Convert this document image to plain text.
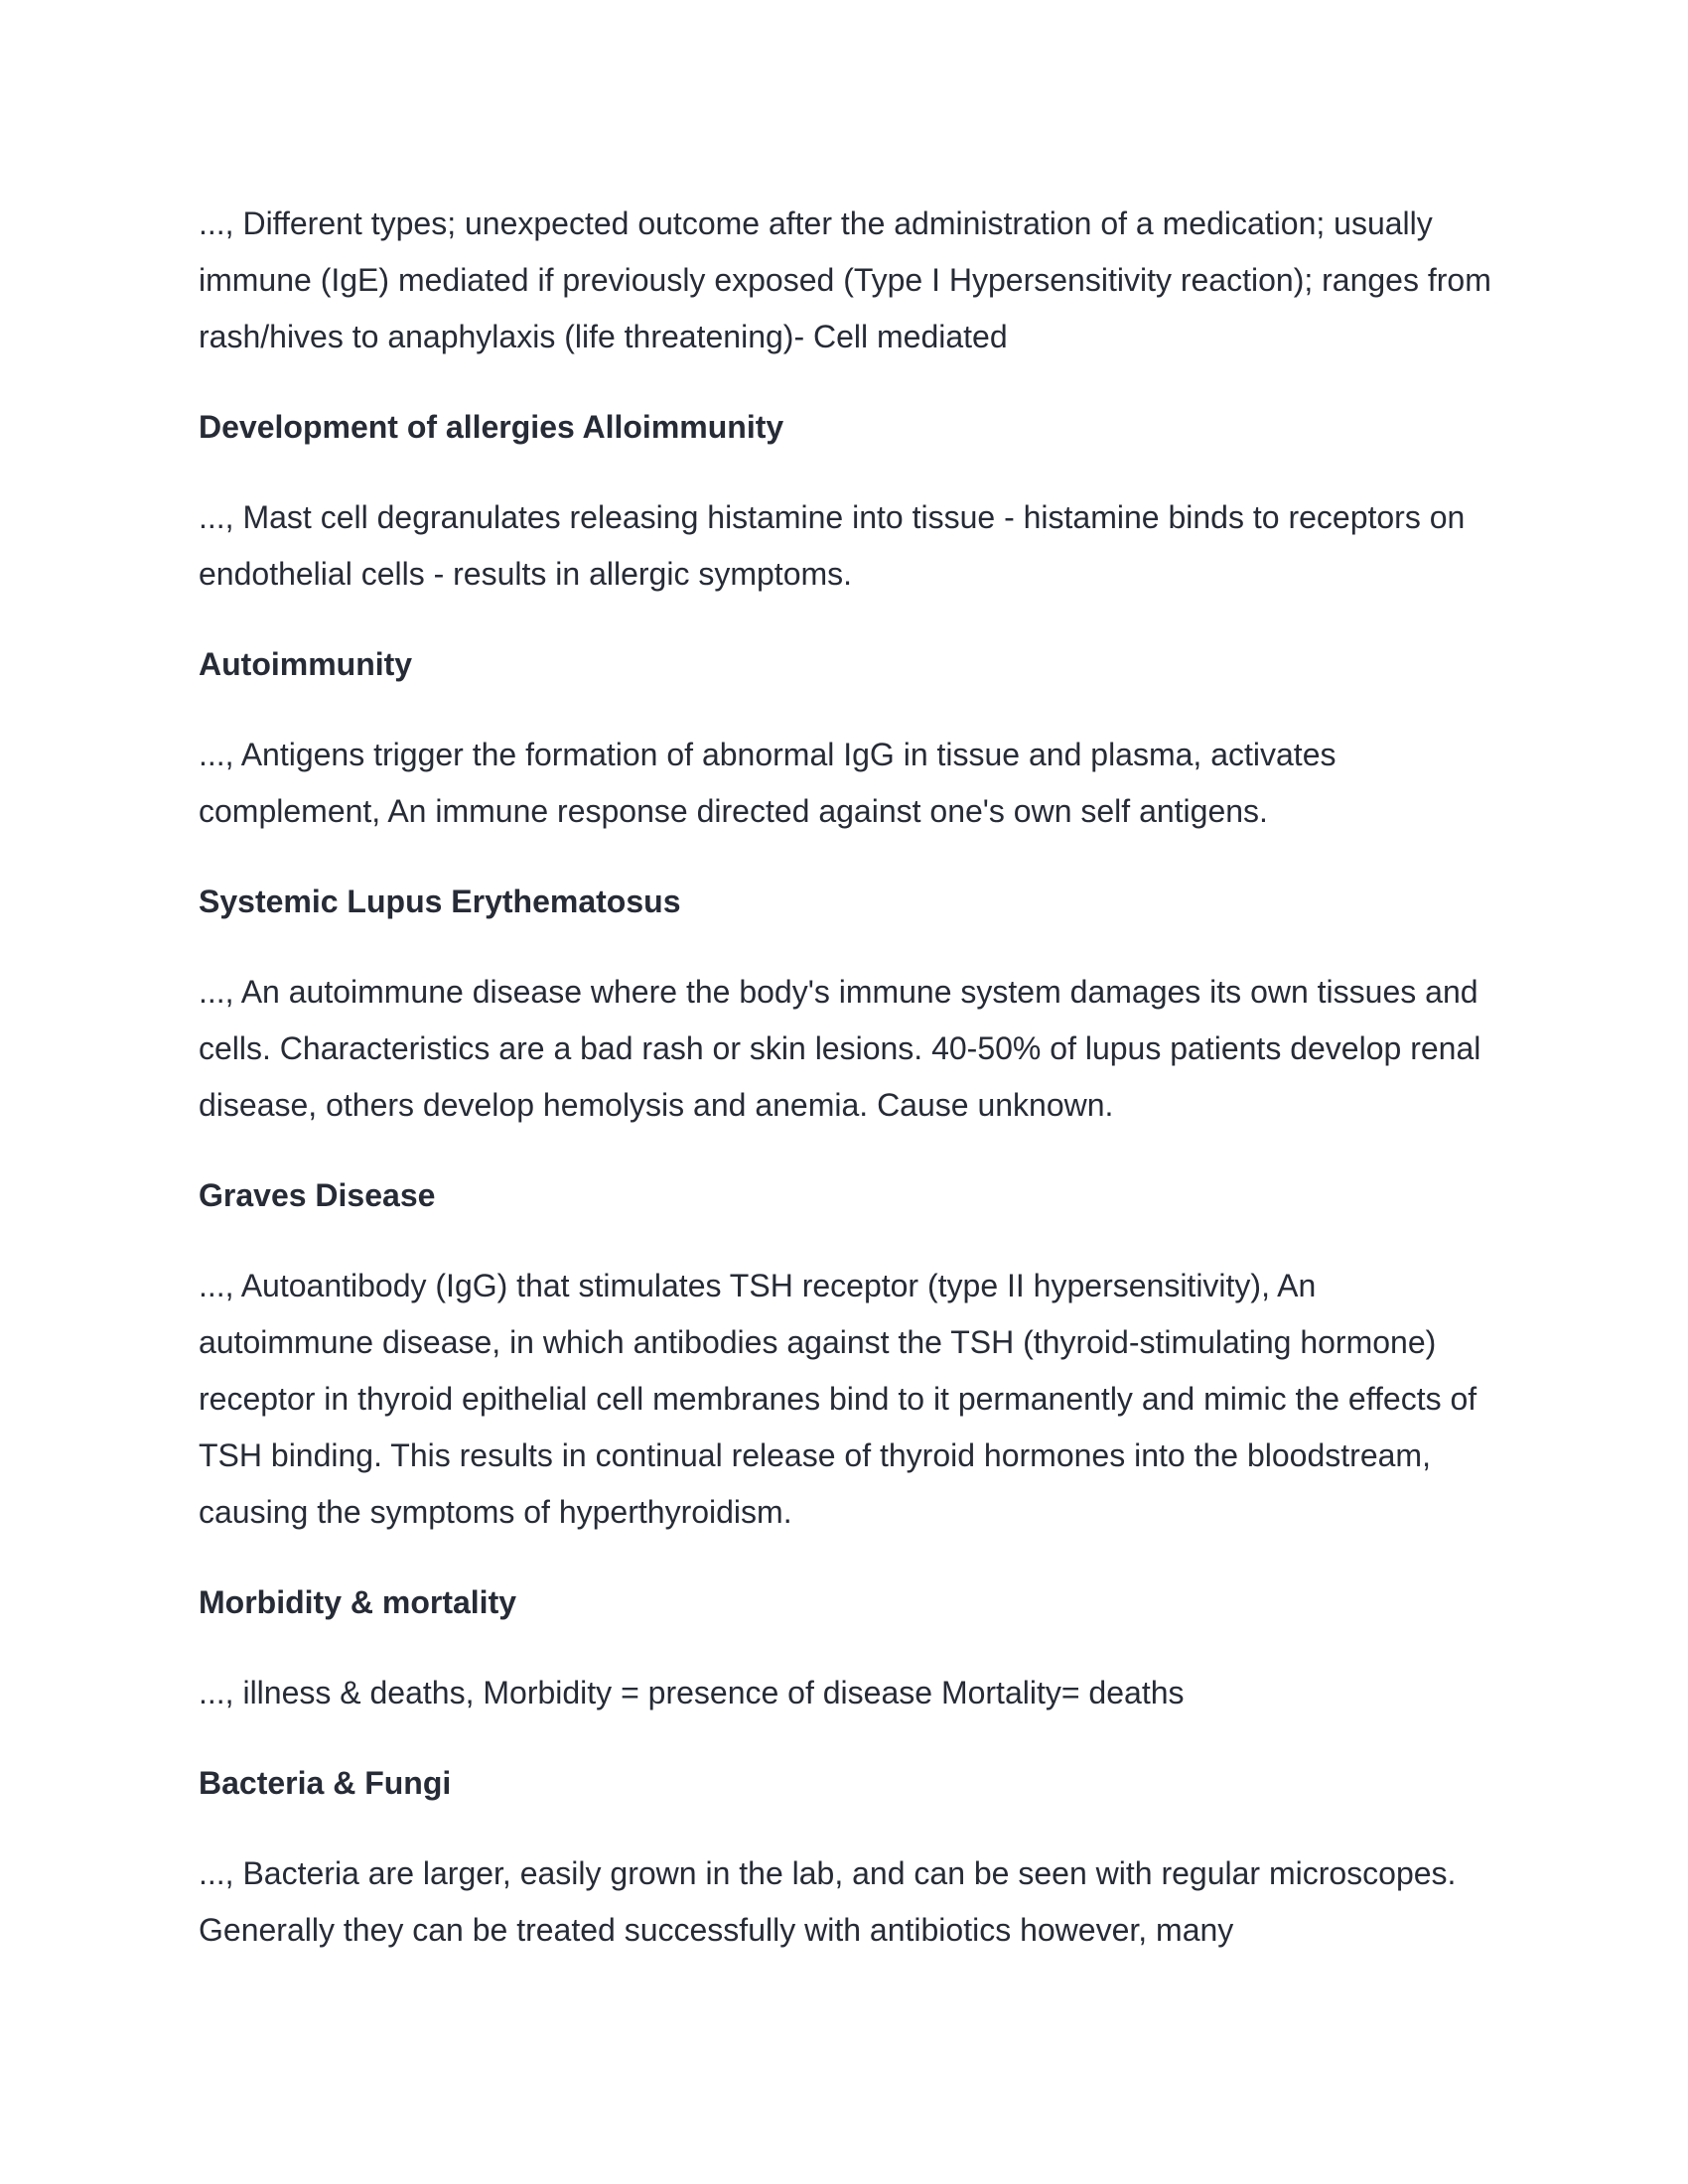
..., Different types; unexpected outcome after the administration of a medication; usually immune (IgE) mediated if previously exposed (Type I Hypersensitivity reaction); ranges from rash/hives to anaphylaxis (life threatening)- Cell mediated

Development of allergies Alloimmunity

..., Mast cell degranulates releasing histamine into tissue - histamine binds to receptors on endothelial cells - results in allergic symptoms.

Autoimmunity

..., Antigens trigger the formation of abnormal IgG in tissue and plasma, activates complement, An immune response directed against one's own self antigens.

Systemic Lupus Erythematosus

..., An autoimmune disease where the body's immune system damages its own tissues and cells. Characteristics are a bad rash or skin lesions. 40-50% of lupus patients develop renal disease, others develop hemolysis and anemia. Cause unknown.

Graves Disease

..., Autoantibody (IgG) that stimulates TSH receptor (type II hypersensitivity), An autoimmune disease, in which antibodies against the TSH (thyroid-stimulating hormone) receptor in thyroid epithelial cell membranes bind to it permanently and mimic the effects of TSH binding. This results in continual release of thyroid hormones into the bloodstream, causing the symptoms of hyperthyroidism.

Morbidity & mortality

..., illness & deaths, Morbidity = presence of disease Mortality= deaths

Bacteria & Fungi

..., Bacteria are larger, easily grown in the lab, and can be seen with regular microscopes. Generally they can be treated successfully with antibiotics however, many
